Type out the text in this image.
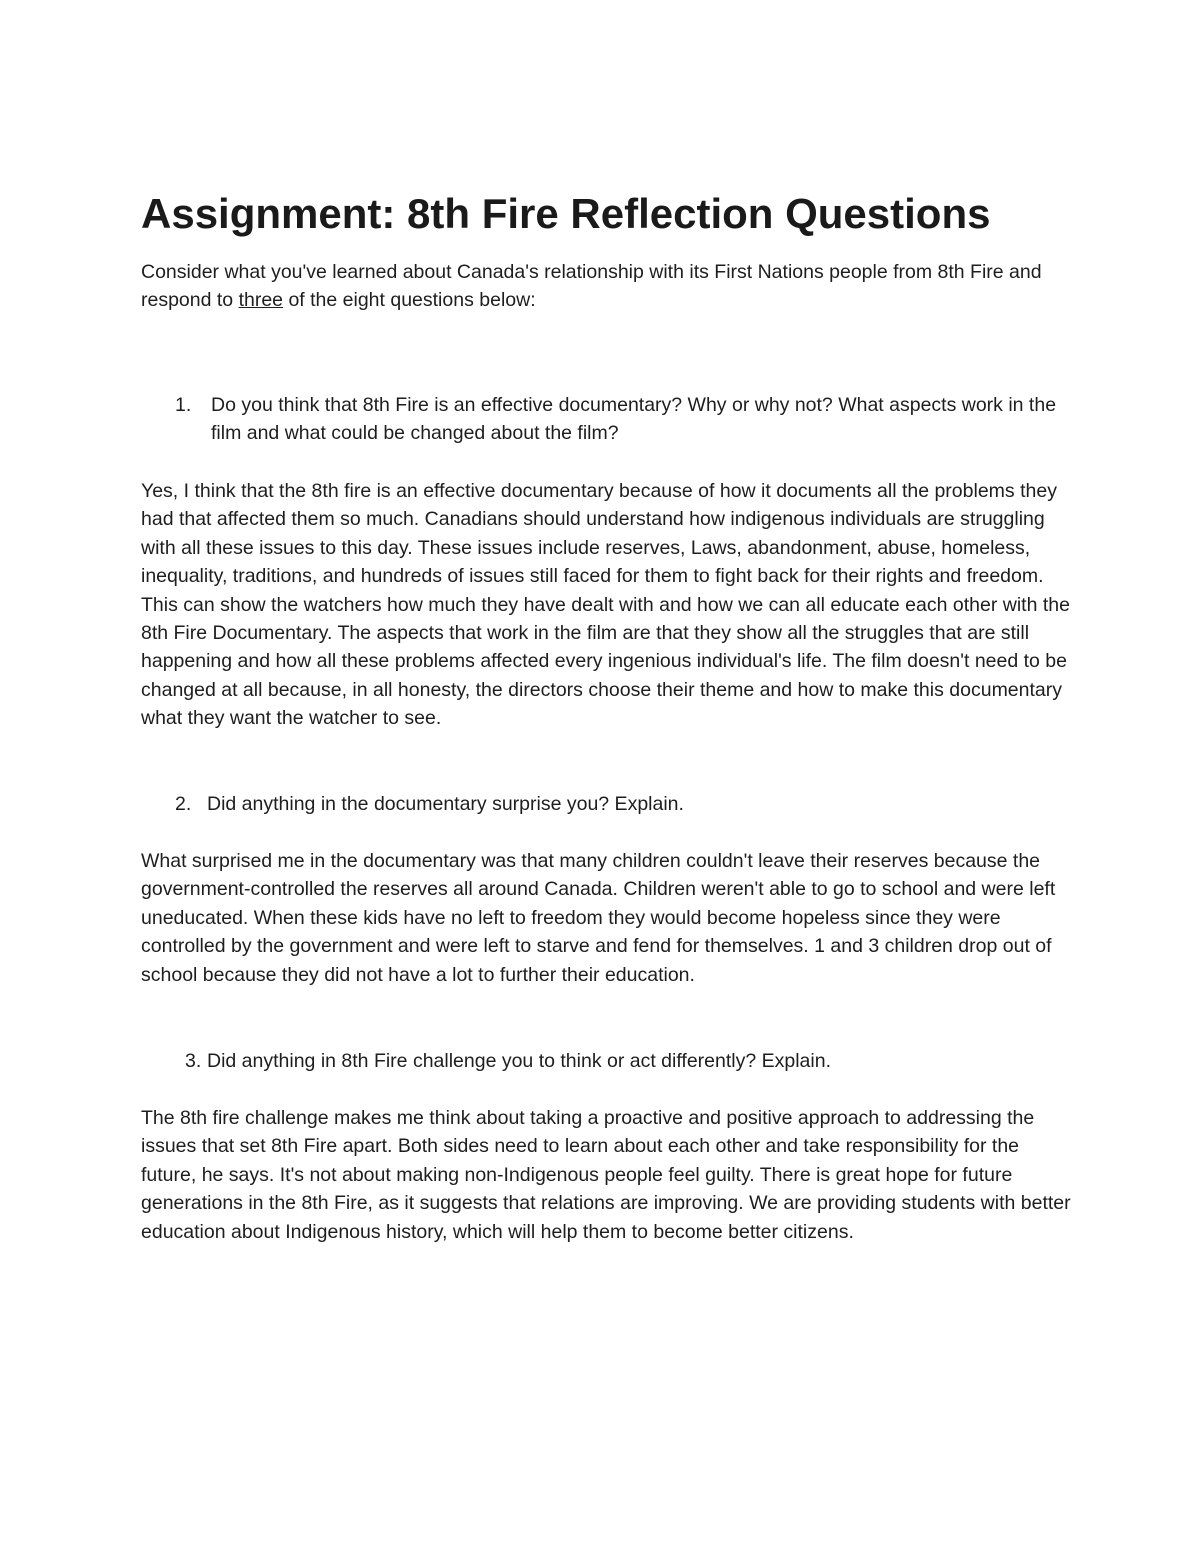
Assignment: 8th Fire Reflection Questions

Consider what you've learned about Canada's relationship with its First Nations people from 8th Fire and respond to three of the eight questions below:

1. Do you think that 8th Fire is an effective documentary? Why or why not? What aspects work in the film and what could be changed about the film?

Yes, I think that the 8th fire is an effective documentary because of how it documents all the problems they had that affected them so much. Canadians should understand how indigenous individuals are struggling with all these issues to this day. These issues include reserves, Laws, abandonment, abuse, homeless, inequality, traditions, and hundreds of issues still faced for them to fight back for their rights and freedom. This can show the watchers how much they have dealt with and how we can all educate each other with the 8th Fire Documentary. The aspects that work in the film are that they show all the struggles that are still happening and how all these problems affected every ingenious individual's life. The film doesn't need to be changed at all because, in all honesty, the directors choose their theme and how to make this documentary what they want the watcher to see.

2. Did anything in the documentary surprise you? Explain.

What surprised me in the documentary was that many children couldn't leave their reserves because the government-controlled the reserves all around Canada. Children weren't able to go to school and were left uneducated. When these kids have no left to freedom they would become hopeless since they were controlled by the government and were left to starve and fend for themselves. 1 and 3 children drop out of school because they did not have a lot to further their education.

3. Did anything in 8th Fire challenge you to think or act differently? Explain.

The 8th fire challenge makes me think about taking a proactive and positive approach to addressing the issues that set 8th Fire apart. Both sides need to learn about each other and take responsibility for the future, he says. It's not about making non-Indigenous people feel guilty. There is great hope for future generations in the 8th Fire, as it suggests that relations are improving. We are providing students with better education about Indigenous history, which will help them to become better citizens.
